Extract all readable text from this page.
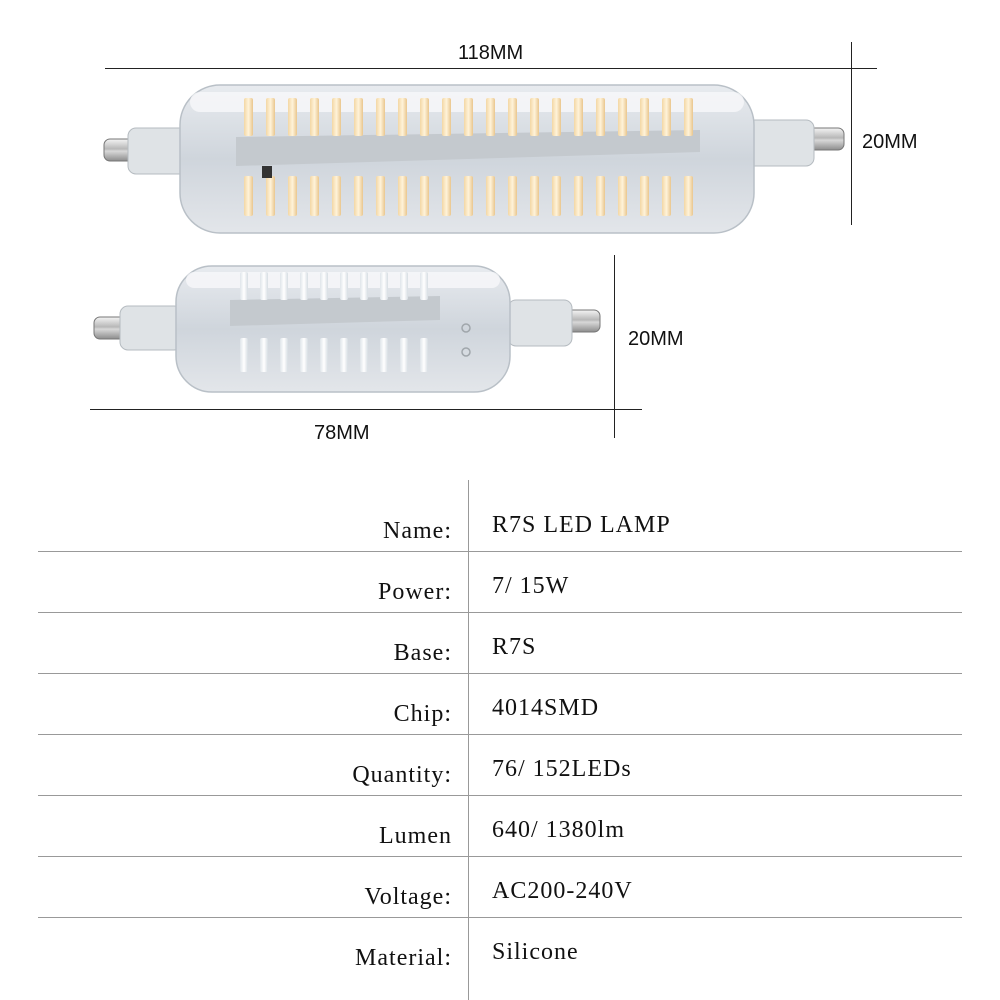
118MM
20MM
20MM
78MM
Name: R7S LED LAMP
Power: 7/ 15W
Base: R7S
Chip: 4014SMD
Quantity: 76/ 152LEDs
Lumen 640/ 1380lm
Voltage: AC200-240V
Material: Silicone
